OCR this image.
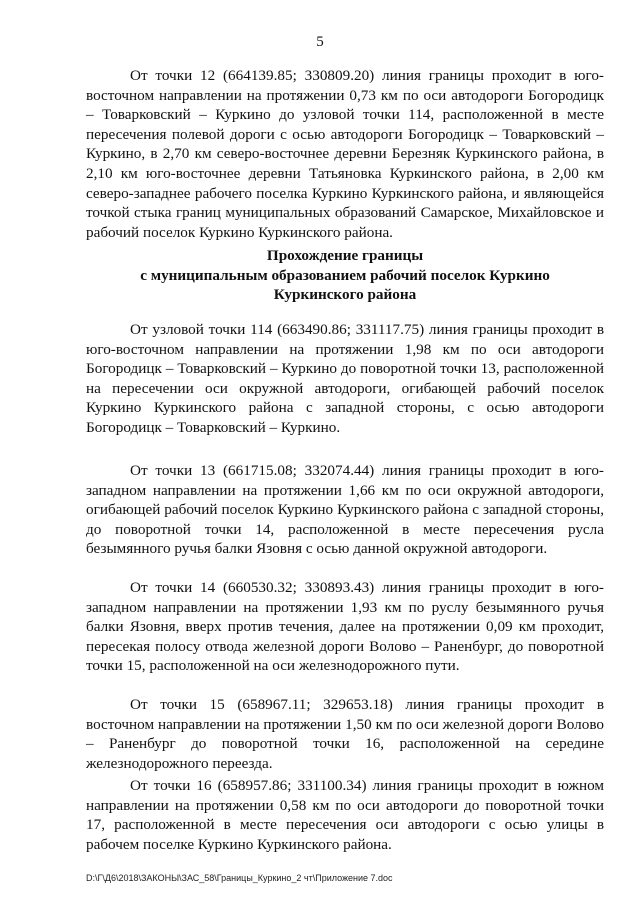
5

От точки 12 (664139.85; 330809.20) линия границы проходит в юго-восточном направлении на протяжении 0,73 км по оси автодороги Богородицк – Товарковский – Куркино до узловой точки 114, расположенной в месте пересечения полевой дороги с осью автодороги Богородицк – Товарковский – Куркино, в 2,70 км северо-восточнее деревни Березняк Куркинского района, в 2,10 км юго-восточнее деревни Татьяновка Куркинского района, в 2,00 км северо-западнее рабочего поселка Куркино Куркинского района, и являющейся точкой стыка границ муниципальных образований Самарское, Михайловское и рабочий поселок Куркино Куркинского района.

Прохождение границы
с муниципальным образованием рабочий поселок Куркино
Куркинского района

От узловой точки 114 (663490.86; 331117.75) линия границы проходит в юго-восточном направлении на протяжении 1,98 км по оси автодороги Богородицк – Товарковский – Куркино до поворотной точки 13, расположенной на пересечении оси окружной автодороги, огибающей рабочий поселок Куркино Куркинского района с западной стороны, с осью автодороги Богородицк – Товарковский – Куркино.

От точки 13 (661715.08; 332074.44) линия границы проходит в юго-западном направлении на протяжении 1,66 км по оси окружной автодороги, огибающей рабочий поселок Куркино Куркинского района с западной стороны, до поворотной точки 14, расположенной в месте пересечения русла безымянного ручья балки Язовня с осью данной окружной автодороги.

От точки 14 (660530.32; 330893.43) линия границы проходит в юго-западном направлении на протяжении 1,93 км по руслу безымянного ручья балки Язовня, вверх против течения, далее на протяжении 0,09 км проходит, пересекая полосу отвода железной дороги Волово – Раненбург, до поворотной точки 15, расположенной на оси железнодорожного пути.

От точки 15 (658967.11; 329653.18) линия границы проходит в восточном направлении на протяжении 1,50 км по оси железной дороги Волово – Раненбург до поворотной точки 16, расположенной на середине железнодорожного переезда.

От точки 16 (658957.86; 331100.34) линия границы проходит в южном направлении на протяжении 0,58 км по оси автодороги до поворотной точки 17, расположенной в месте пересечения оси автодороги с осью улицы в рабочем поселке Куркино Куркинского района.

D:\Г\Д6\2018\ЗАКОНЫ\ЗАС_58\Границы_Куркино_2 чт\Приложение 7.doc
